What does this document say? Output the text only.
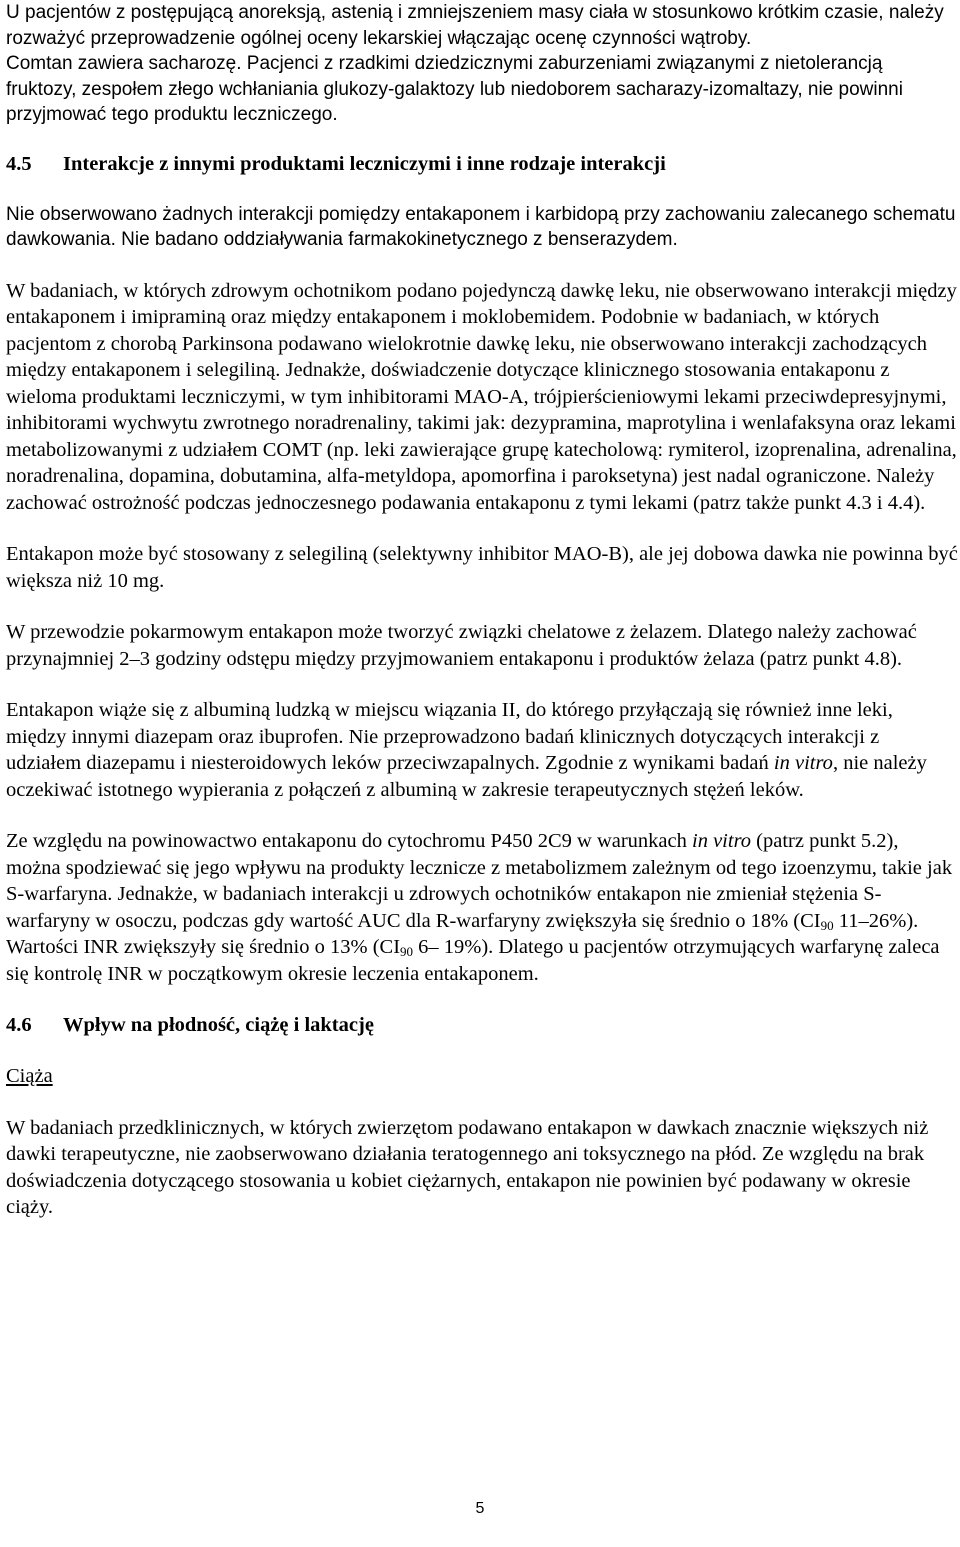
U pacjentów z postępującą anoreksją, astenią i zmniejszeniem masy ciała w stosunkowo krótkim czasie, należy rozważyć przeprowadzenie ogólnej oceny lekarskiej włączając ocenę czynności wątroby.

Comtan zawiera sacharozę. Pacjenci z rzadkimi dziedzicznymi zaburzeniami związanymi z nietolerancją fruktozy, zespołem złego wchłaniania glukozy-galaktozy lub niedoborem sacharazy-izomaltazy, nie powinni przyjmować tego produktu leczniczego.

4.5	Interakcje z innymi produktami leczniczymi i inne rodzaje interakcji

Nie obserwowano żadnych interakcji pomiędzy entakaponem i karbidopą przy zachowaniu zalecanego schematu dawkowania. Nie badano oddziaływania farmakokinetycznego z benserazydem.

W badaniach, w których zdrowym ochotnikom podano pojedynczą dawkę leku, nie obserwowano interakcji między entakaponem i imipraminą oraz między entakaponem i moklobemidem. Podobnie w badaniach, w których pacjentom z chorobą Parkinsona podawano wielokrotnie dawkę leku, nie obserwowano interakcji zachodzących między entakaponem i selegiliną. Jednakże, doświadczenie dotyczące klinicznego stosowania entakaponu z wieloma produktami leczniczymi, w tym inhibitorami MAO-A, trójpierścieniowymi lekami przeciwdepresyjnymi, inhibitorami wychwytu zwrotnego noradrenaliny, takimi jak: dezypramina, maprotylina i wenlafaksyna oraz lekami metabolizowanymi z udziałem COMT (np. leki zawierające grupę katecholową: rymiterol, izoprenalina, adrenalina, noradrenalina, dopamina, dobutamina, alfa-metyldopa, apomorfina i paroksetyna) jest nadal ograniczone. Należy zachować ostrożność podczas jednoczesnego podawania entakaponu z tymi lekami (patrz także punkt 4.3 i 4.4).

Entakapon może być stosowany z selegiliną (selektywny inhibitor MAO-B), ale jej dobowa dawka nie powinna być większa niż 10 mg.

W przewodzie pokarmowym entakapon może tworzyć związki chelatowe z żelazem. Dlatego należy zachować przynajmniej 2–3 godziny odstępu między przyjmowaniem entakaponu i produktów żelaza (patrz punkt 4.8).

Entakapon wiąże się z albuminą ludzką w miejscu wiązania II, do którego przyłączają się również inne leki, między innymi diazepam oraz ibuprofen. Nie przeprowadzono badań klinicznych dotyczących interakcji z udziałem diazepamu i niesteroidowych leków przeciwzapalnych. Zgodnie z wynikami badań in vitro, nie należy oczekiwać istotnego wypierania z połączeń z albuminą w zakresie terapeutycznych stężeń leków.

Ze względu na powinowactwo entakaponu do cytochromu P450 2C9 w warunkach in vitro (patrz punkt 5.2), można spodziewać się jego wpływu na produkty lecznicze z metabolizmem zależnym od tego izoenzymu, takie jak S-warfaryna. Jednakże, w badaniach interakcji u zdrowych ochotników entakapon nie zmieniał stężenia S-warfaryny w osoczu, podczas gdy wartość AUC dla R-warfaryny zwiększyła się średnio o 18% ($CI_{90}$ 11–26%). Wartości INR zwiększyły się średnio o 13% ($CI_{90}$ 6– 19%). Dlatego u pacjentów otrzymujących warfarynę zaleca się kontrolę INR w początkowym okresie leczenia entakaponem.

4.6	Wpływ na płodność, ciążę i laktację

Ciąża

W badaniach przedklinicznych, w których zwierzętom podawano entakapon w dawkach znacznie większych niż dawki terapeutyczne, nie zaobserwowano działania teratogennego ani toksycznego na płód. Ze względu na brak doświadczenia dotyczącego stosowania u kobiet ciężarnych, entakapon nie powinien być podawany w okresie ciąży.

5
